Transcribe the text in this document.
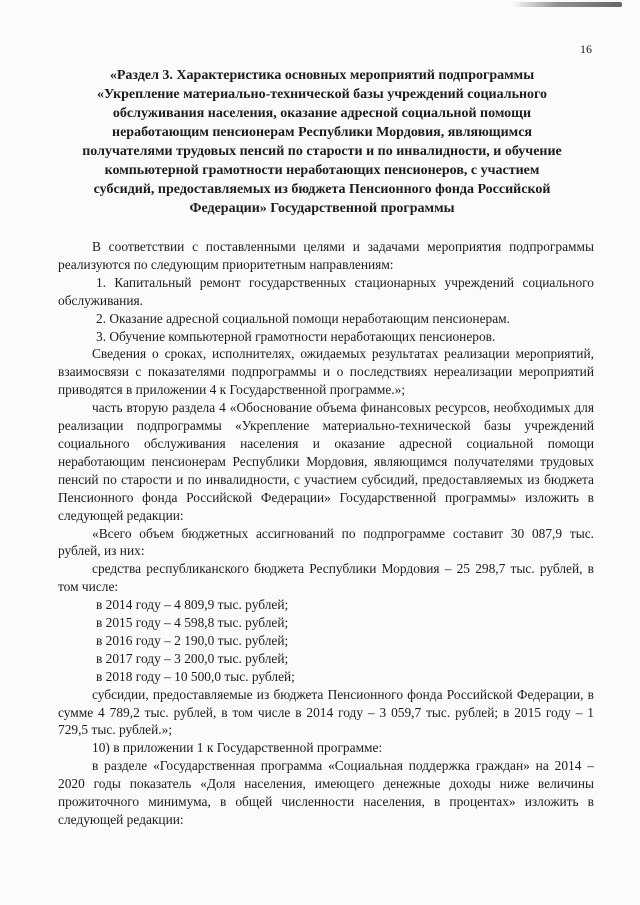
16
«Раздел 3. Характеристика основных мероприятий подпрограммы
«Укрепление материально-технической базы учреждений социального
обслуживания населения, оказание адресной социальной помощи
неработающим пенсионерам Республики Мордовия, являющимся
получателями трудовых пенсий по старости и по инвалидности, и обучение
компьютерной грамотности неработающих пенсионеров, с участием
субсидий, предоставляемых из бюджета Пенсионного фонда Российской
Федерации» Государственной программы

В соответствии с поставленными целями и задачами мероприятия подпрограммы реализуются по следующим приоритетным направлениям:

1. Капитальный ремонт государственных стационарных учреждений социального обслуживания.

2. Оказание адресной социальной помощи неработающим пенсионерам.

3. Обучение компьютерной грамотности неработающих пенсионеров.

Сведения о сроках, исполнителях, ожидаемых результатах реализации мероприятий, взаимосвязи с показателями подпрограммы и о последствиях нереализации мероприятий приводятся в приложении 4 к Государственной программе.»;

часть вторую раздела 4 «Обоснование объема финансовых ресурсов, необходимых для реализации подпрограммы «Укрепление материально-технической базы учреждений социального обслуживания населения и оказание адресной социальной помощи неработающим пенсионерам Республики Мордовия, являющимся получателями трудовых пенсий по старости и по инвалидности, с участием субсидий, предоставляемых из бюджета Пенсионного фонда Российской Федерации» Государственной программы» изложить в следующей редакции:

«Всего объем бюджетных ассигнований по подпрограмме составит 30 087,9 тыс. рублей, из них:

средства республиканского бюджета Республики Мордовия – 25 298,7 тыс. рублей, в том числе:

в 2014 году – 4 809,9 тыс. рублей;

в 2015 году – 4 598,8 тыс. рублей;

в 2016 году – 2 190,0 тыс. рублей;

в 2017 году – 3 200,0 тыс. рублей;

в 2018 году – 10 500,0 тыс. рублей;

субсидии, предоставляемые из бюджета Пенсионного фонда Российской Федерации, в сумме 4 789,2 тыс. рублей, в том числе в 2014 году – 3 059,7 тыс. рублей; в 2015 году – 1 729,5 тыс. рублей.»;

10) в приложении 1 к Государственной программе:

в разделе «Государственная программа «Социальная поддержка граждан» на 2014 – 2020 годы показатель «Доля населения, имеющего денежные доходы ниже величины прожиточного минимума, в общей численности населения, в процентах» изложить в следующей редакции:
